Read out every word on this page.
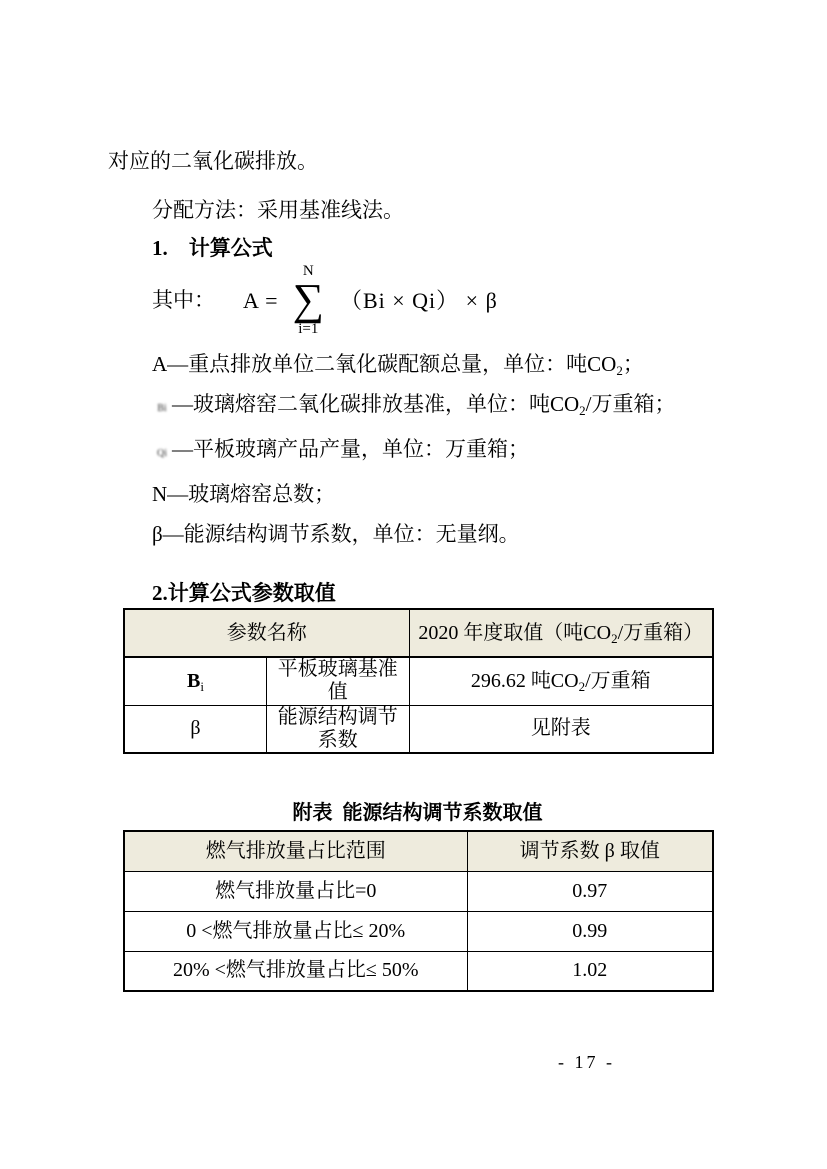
对应的二氧化碳排放。

分配方法：采用基准线法。

1.　计算公式

其中： A =
N
∑
i=1
（Bi × Qi） × β

A—重点排放单位二氧化碳配额总量，单位：吨$CO_2$；

Bi —玻璃熔窑二氧化碳排放基准，单位：吨$CO_2/$万重箱；

Qi —平板玻璃产品产量，单位：万重箱；

N—玻璃熔窑总数；

β—能源结构调节系数，单位：无量纲。

2.计算公式参数取值

参数名称		2020 年度取值（吨$CO_2/$万重箱）
$B_i$	平板玻璃基准值	296.62 吨$CO_2/$万重箱
β	能源结构调节系数	见附表

附表  能源结构调节系数取值

燃气排放量占比范围	调节系数 β 取值
燃气排放量占比=0	0.97
0 <燃气排放量占比≤ 20%	0.99
20% <燃气排放量占比≤ 50%	1.02
- 17 -
